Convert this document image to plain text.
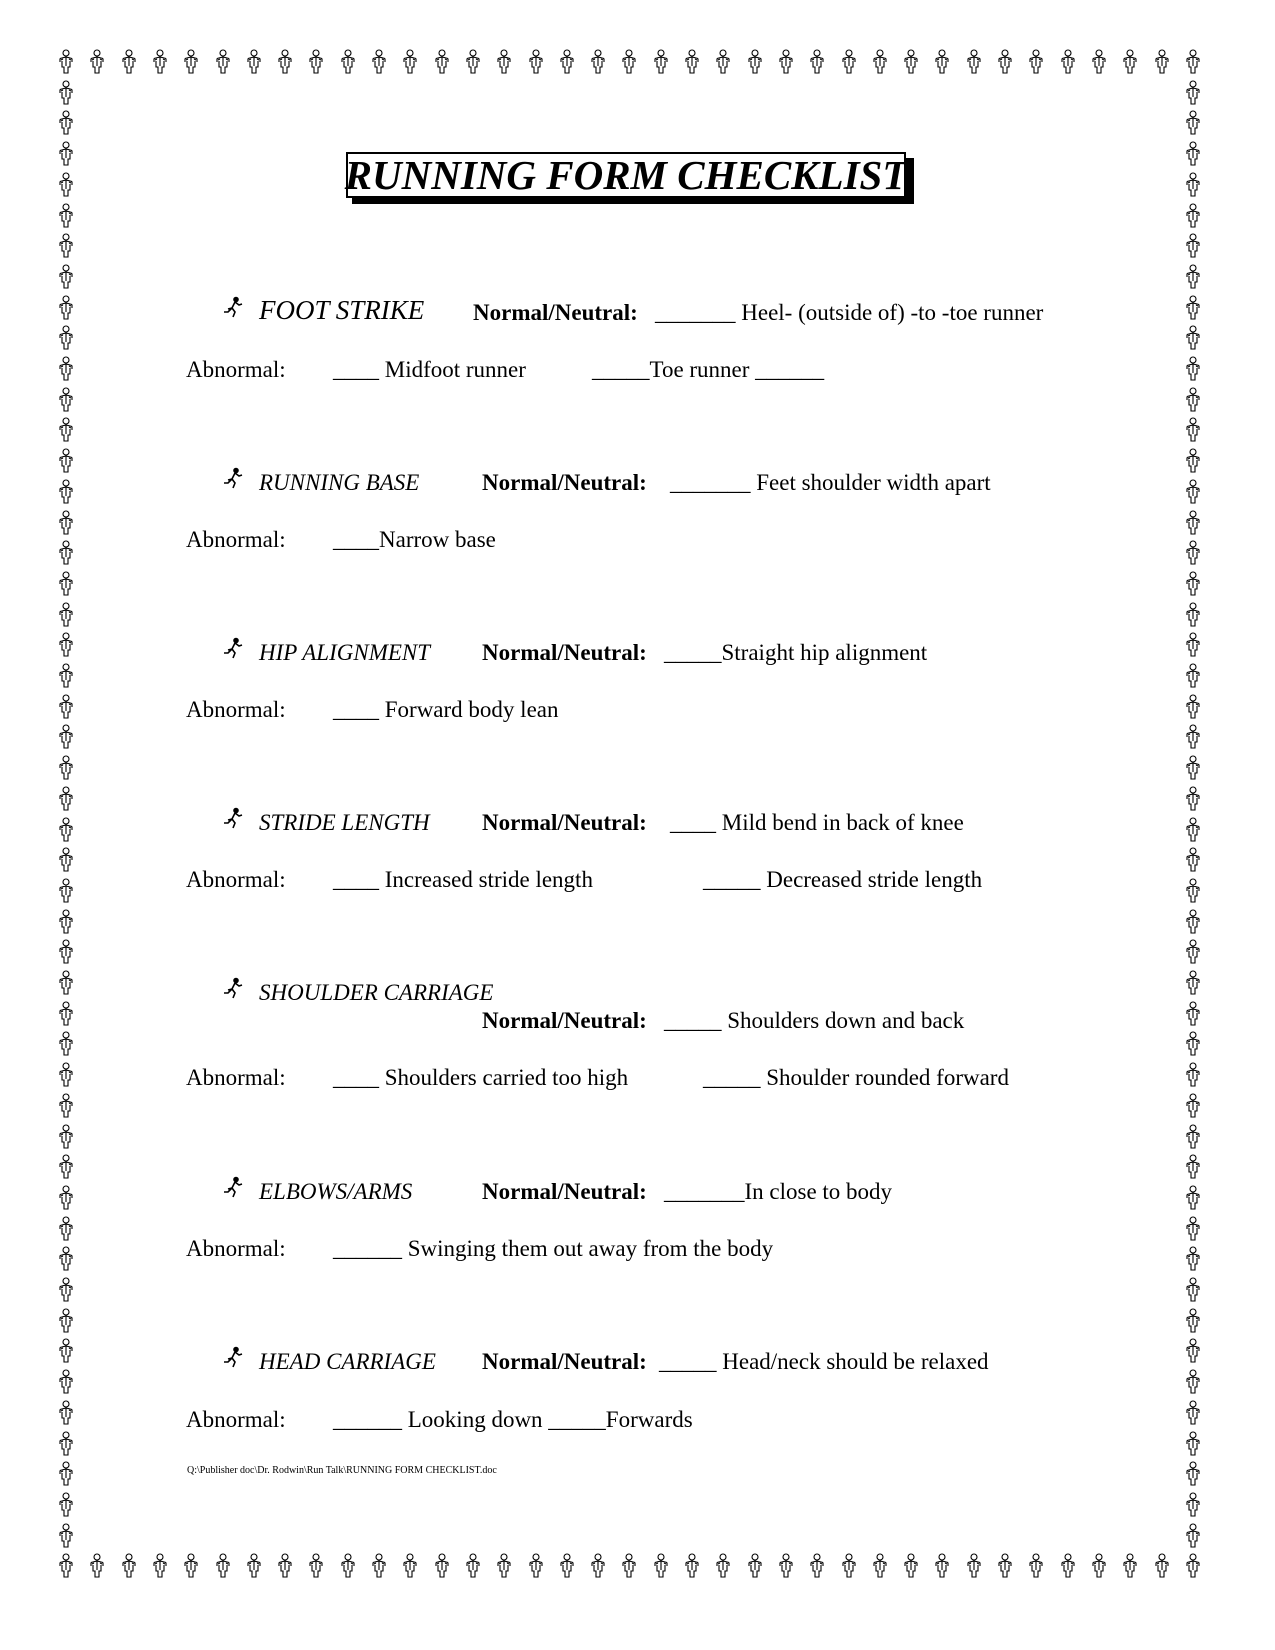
RUNNING FORM CHECKLIST
FOOT STRIKE Normal/Neutral: _______ Heel- (outside of) -to -toe runner
Abnormal: ____ Midfoot runner	_____Toe runner ______
RUNNING BASE	Normal/Neutral: _______ Feet shoulder width apart
Abnormal: ____Narrow base
HIP ALIGNMENT Normal/Neutral: _____Straight hip alignment
Abnormal: ____ Forward body lean
STRIDE LENGTH Normal/Neutral: ____ Mild bend in back of knee
Abnormal: ____ Increased stride length	_____ Decreased stride length
SHOULDER CARRIAGE
Normal/Neutral: _____ Shoulders down and back
Abnormal: ____ Shoulders carried too high	_____ Shoulder rounded forward
ELBOWS/ARMS	Normal/Neutral: _______In close to body
Abnormal: ______ Swinging them out away from the body
HEAD CARRIAGE Normal/Neutral: _____ Head/neck should be relaxed
Abnormal: ______ Looking down _____Forwards
Q:\Publisher doc\Dr. Rodwin\Run Talk\RUNNING FORM CHECKLIST.doc
